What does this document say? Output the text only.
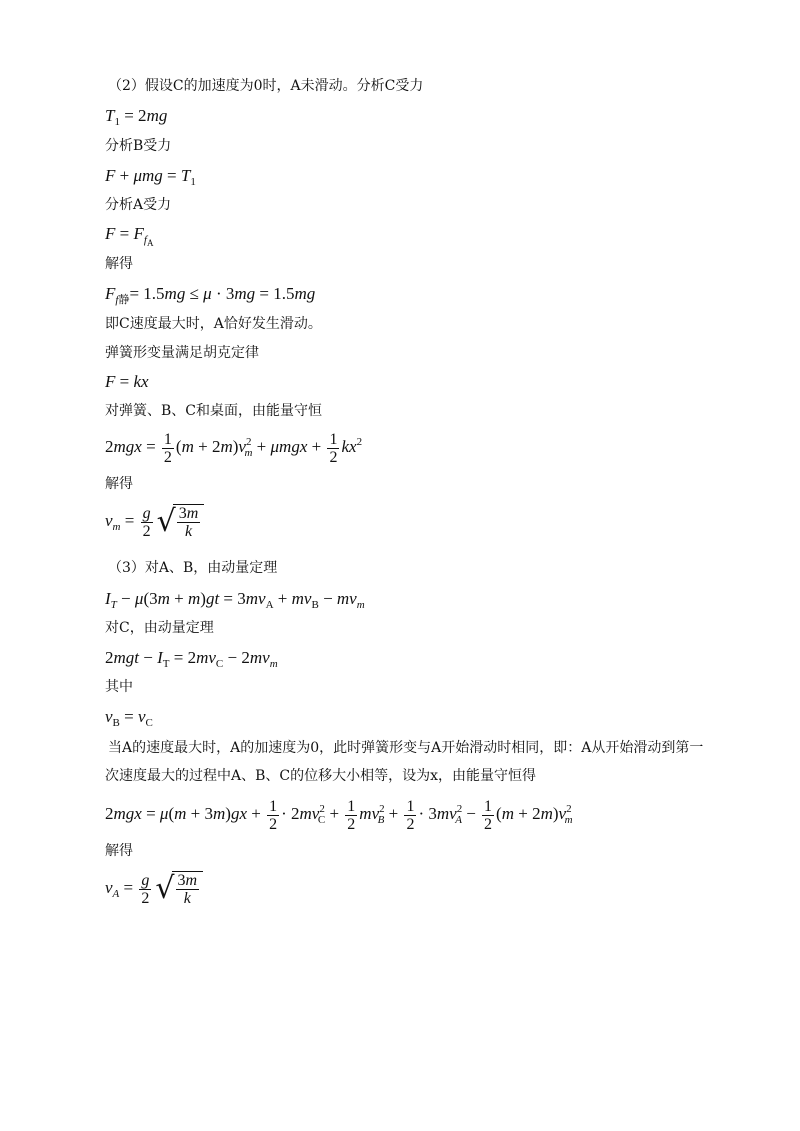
（2）假设C的加速度为0时，A未滑动。分析C受力
$T_1 = 2mg$
分析B受力
$F + \mu mg = T_1$
分析A受力
$F = F_{f_A}$
解得
$F_{f静}= 1.5mg \le \mu \cdot 3mg = 1.5mg$
即C速度最大时，A恰好发生滑动。
弹簧形变量满足胡克定律
F = kx
对弹簧、B、C和桌面，由能量守恒
$2mgx = \frac{1}{2} (m + 2m)v^2_m + \mu mgx + \frac{1}{2} kx^2$
解得
$v_m = \frac{g}{2}$ √ $\frac{3m}{k}$
（3）对A、B，由动量定理
$I_T - \mu(3m + m)gt = 3mv_A + mv_B - mv_m$
对C，由动量定理
$2mgt - I_T = 2mv_C - 2mv_m$
其中
$v_B = v_C$
当A的速度最大时，A的加速度为0，此时弹簧形变与A开始滑动时相同，即：A从开始滑动到第一
次速度最大的过程中A、B、C的位移大小相等，设为x，由能量守恒得
$2mgx = \mu(m + 3m)gx + \frac{1}{2} \cdot 2mv^2_C + \frac{1}{2} mv^2_B + \frac{1}{2} \cdot 3mv^2_A - \frac{1}{2} (m + 2m)v^2_m$
解得
$v_A = \frac{g}{2}$ √ $\frac{3m}{k}$
